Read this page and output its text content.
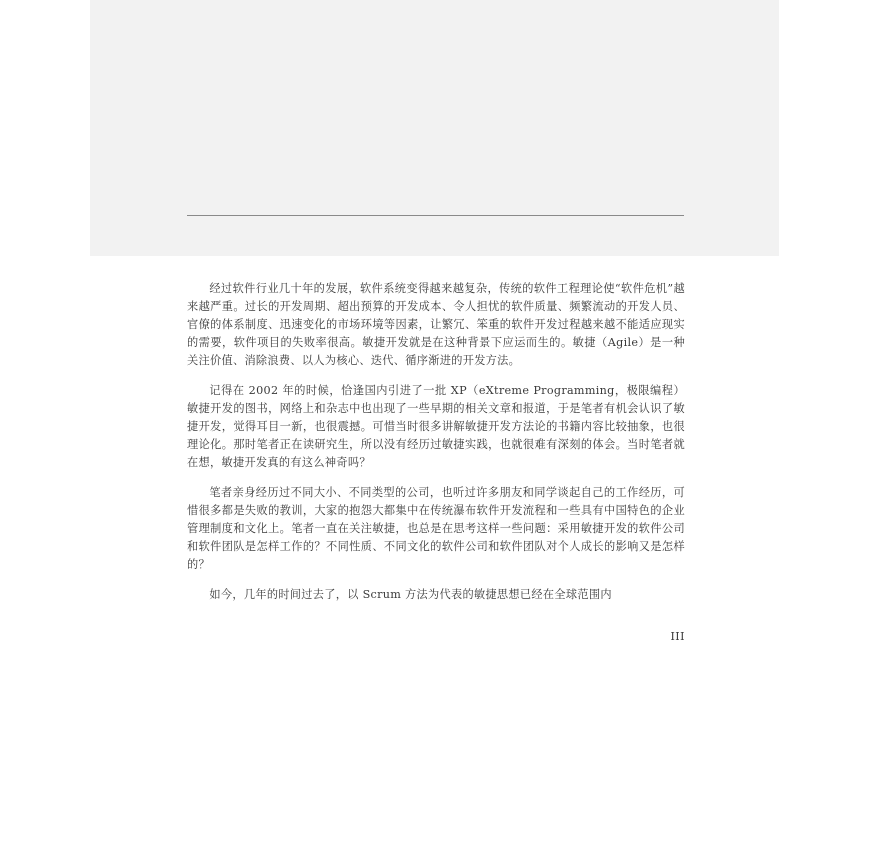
经过软件行业几十年的发展，软件系统变得越来越复杂，传统的软件工程理论使“软件危机”越来越严重。过长的开发周期、超出预算的开发成本、令人担忧的软件质量、频繁流动的开发人员、官僚的体系制度、迅速变化的市场环境等因素，让繁冗、笨重的软件开发过程越来越不能适应现实的需要，软件项目的失败率很高。敏捷开发就是在这种背景下应运而生的。敏捷（Agile）是一种关注价值、消除浪费、以人为核心、迭代、循序渐进的开发方法。

记得在 2002 年的时候，恰逢国内引进了一批 XP（eXtreme Programming，极限编程）敏捷开发的图书，网络上和杂志中也出现了一些早期的相关文章和报道，于是笔者有机会认识了敏捷开发，觉得耳目一新，也很震撼。可惜当时很多讲解敏捷开发方法论的书籍内容比较抽象，也很理论化。那时笔者正在读研究生，所以没有经历过敏捷实践，也就很难有深刻的体会。当时笔者就在想，敏捷开发真的有这么神奇吗？

笔者亲身经历过不同大小、不同类型的公司，也听过许多朋友和同学谈起自己的工作经历，可惜很多都是失败的教训，大家的抱怨大都集中在传统瀑布软件开发流程和一些具有中国特色的企业管理制度和文化上。笔者一直在关注敏捷，也总是在思考这样一些问题：采用敏捷开发的软件公司和软件团队是怎样工作的？不同性质、不同文化的软件公司和软件团队对个人成长的影响又是怎样的？

如今，几年的时间过去了，以 Scrum 方法为代表的敏捷思想已经在全球范围内

III
